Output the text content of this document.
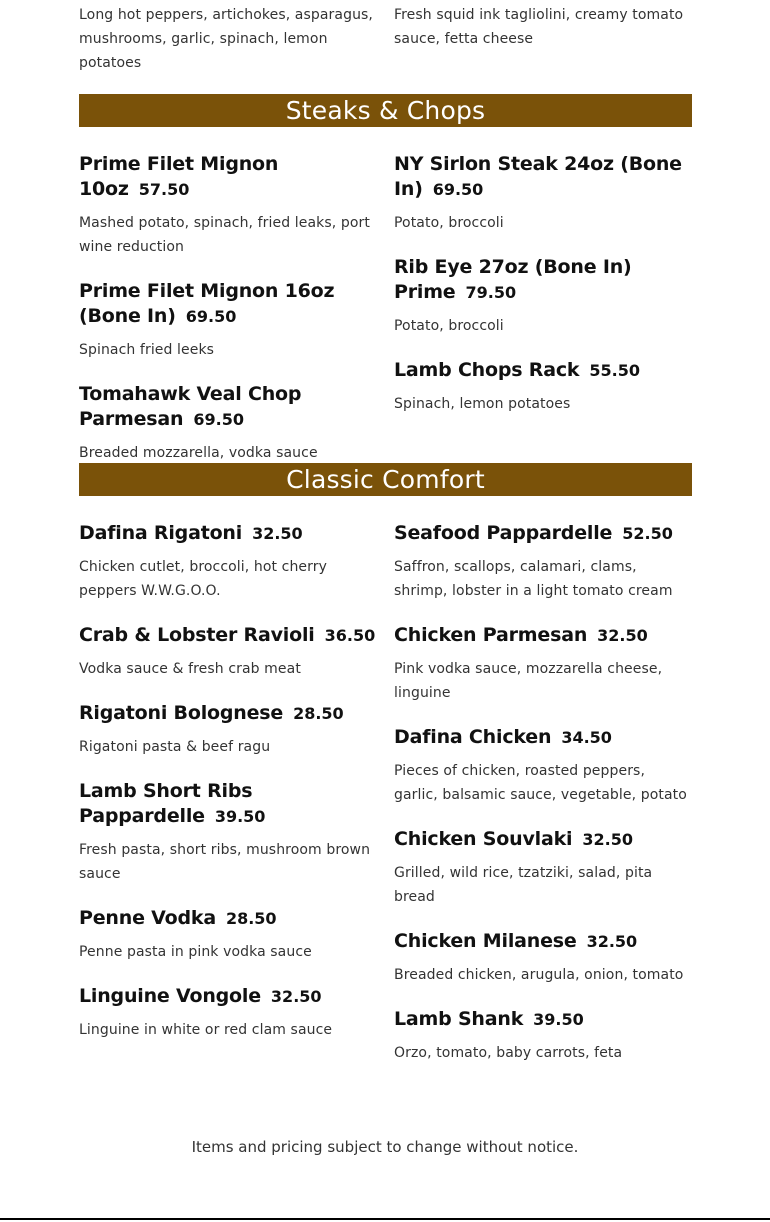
Long hot peppers, artichokes, asparagus, mushrooms, garlic, spinach, lemon potatoes

Fresh squid ink tagliolini, creamy tomato sauce, fetta cheese

Steaks & Chops
Prime Filet Mignon 10oz 57.50

Mashed potato, spinach, fried leaks, port wine reduction

Prime Filet Mignon 16oz (Bone In) 69.50

Spinach fried leeks

Tomahawk Veal Chop Parmesan 69.50

Breaded mozzarella, vodka sauce

NY Sirlon Steak 24oz (Bone In) 69.50

Potato, broccoli

Rib Eye 27oz (Bone In) Prime 79.50

Potato, broccoli

Lamb Chops Rack 55.50

Spinach, lemon potatoes

Classic Comfort
Dafina Rigatoni 32.50

Chicken cutlet, broccoli, hot cherry peppers W.W.G.O.O.

Crab & Lobster Ravioli 36.50

Vodka sauce & fresh crab meat

Rigatoni Bolognese 28.50

Rigatoni pasta & beef ragu

Lamb Short Ribs Pappardelle 39.50

Fresh pasta, short ribs, mushroom brown sauce

Penne Vodka 28.50

Penne pasta in pink vodka sauce

Linguine Vongole 32.50

Linguine in white or red clam sauce

Seafood Pappardelle 52.50

Saffron, scallops, calamari, clams, shrimp, lobster in a light tomato cream

Chicken Parmesan 32.50

Pink vodka sauce, mozzarella cheese, linguine

Dafina Chicken 34.50

Pieces of chicken, roasted peppers, garlic, balsamic sauce, vegetable, potato

Chicken Souvlaki 32.50

Grilled, wild rice, tzatziki, salad, pita bread

Chicken Milanese 32.50

Breaded chicken, arugula, onion, tomato

Lamb Shank 39.50

Orzo, tomato, baby carrots, feta

Items and pricing subject to change without notice.
